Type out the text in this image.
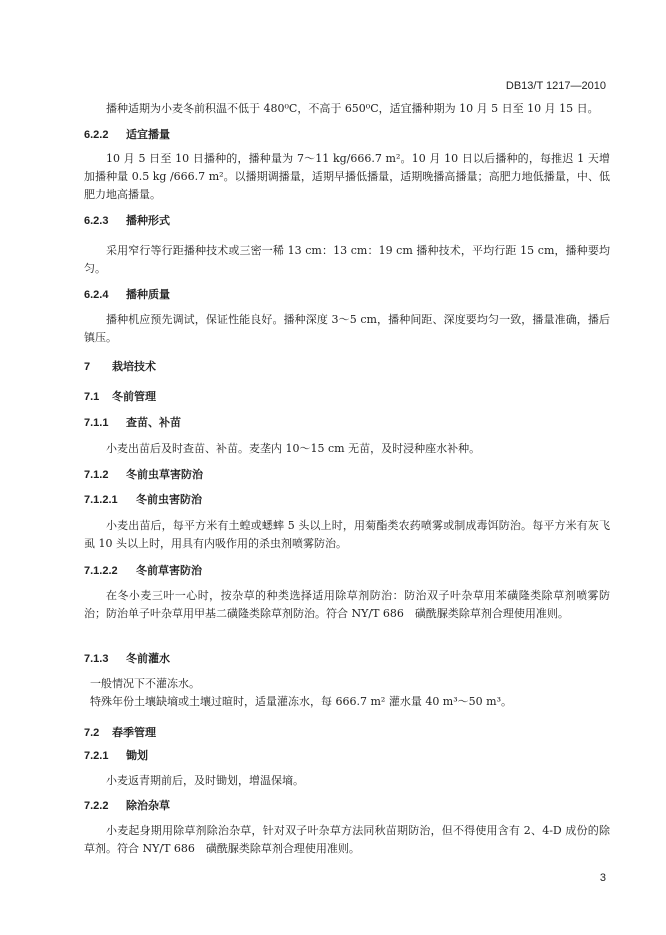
DB13/T 1217—2010

播种适期为小麦冬前积温不低于 480⁰C，不高于 650⁰C，适宜播种期为 10 月 5 日至 10 月 15 日。

6.2.2 适宜播量

10 月 5 日至 10 日播种的，播种量为 7～11 kg/666.7 m²。10 月 10 日以后播种的，每推迟 1 天增加播种量 0.5 kg /666.7 m²。以播期调播量，适期早播低播量，适期晚播高播量；高肥力地低播量，中、低肥力地高播量。

6.2.3 播种形式

采用窄行等行距播种技术或三密一稀 13 cm：13 cm：19 cm 播种技术，平均行距 15 cm，播种要均匀。

6.2.4 播种质量

播种机应预先调试，保证性能良好。播种深度 3～5 cm，播种间距、深度要均匀一致，播量准确，播后镇压。

7 栽培技术
7.1 冬前管理
7.1.1 查苗、补苗

小麦出苗后及时查苗、补苗。麦垄内 10～15 cm 无苗，及时浸种座水补种。

7.1.2 冬前虫草害防治
7.1.2.1 冬前虫害防治

小麦出苗后，每平方米有土蝗或蟋蟀 5 头以上时，用菊酯类农药喷雾或制成毒饵防治。每平方米有灰飞虱 10 头以上时，用具有内吸作用的杀虫剂喷雾防治。

7.1.2.2 冬前草害防治

在冬小麦三叶一心时，按杂草的种类选择适用除草剂防治：防治双子叶杂草用苯磺隆类除草剂喷雾防治；防治单子叶杂草用甲基二磺隆类除草剂防治。符合 NY/T 686　磺酰脲类除草剂合理使用准则。

7.1.3 冬前灌水

一般情况下不灌冻水。

特殊年份土壤缺墒或土壤过暄时，适量灌冻水，每 666.7 m² 灌水量 40 m³～50 m³。

7.2 春季管理
7.2.1 锄划

小麦返青期前后，及时锄划，增温保墒。

7.2.2 除治杂草

小麦起身期用除草剂除治杂草，针对双子叶杂草方法同秋苗期防治，但不得使用含有 2、4-D 成份的除草剂。符合 NY/T 686　磺酰脲类除草剂合理使用准则。

3
